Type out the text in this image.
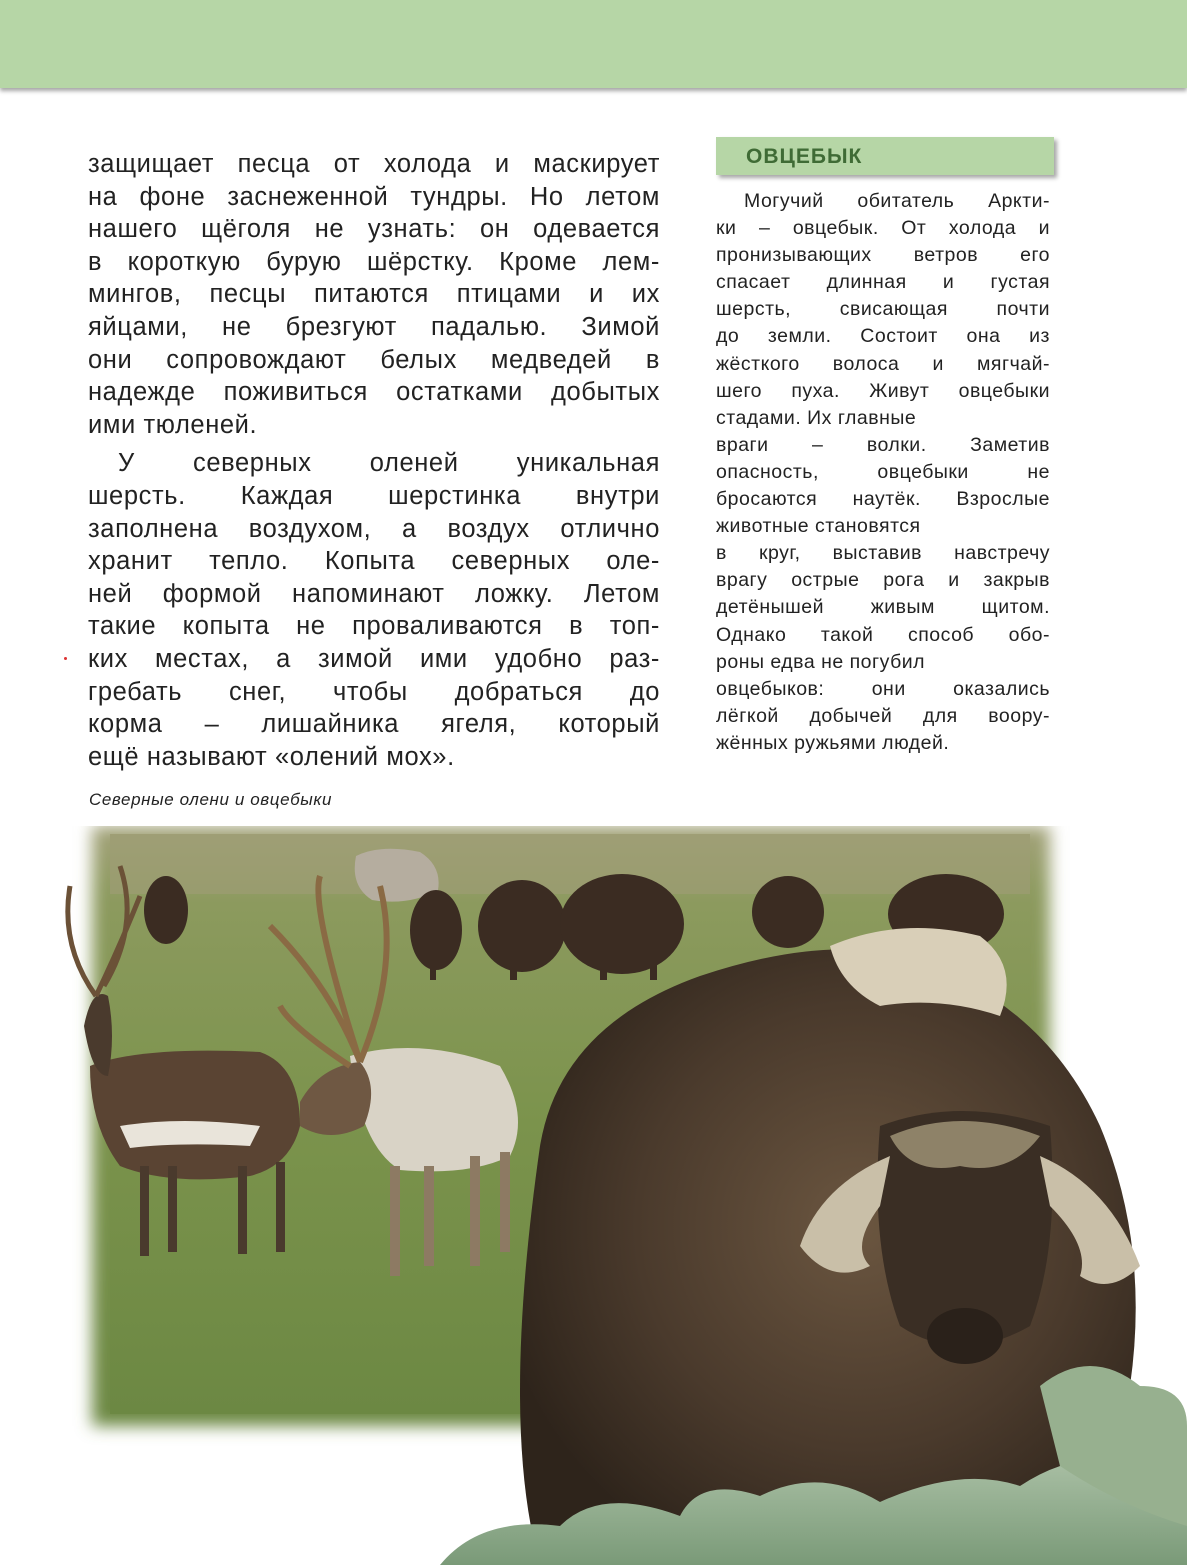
защищает песца от холода и маскирует

на фоне заснеженной тундры. Но летом

нашего щёголя не узнать: он одевается

в короткую бурую шёрстку. Кроме лем-

мингов, песцы питаются птицами и их

яйцами, не брезгуют падалью. Зимой

они сопровождают белых медведей в

надежде поживиться остатками добытых

ими тюленей.

У северных оленей уникальная

шерсть. Каждая шерстинка внутри

заполнена воздухом, а воздух отлично

хранит тепло. Копыта северных оле-

ней формой напоминают ложку. Летом

такие копыта не проваливаются в топ-

ких местах, а зимой ими удобно раз-

гребать снег, чтобы добраться до

корма – лишайника ягеля, который

ещё называют «олений мох».

ОВЦЕБЫК

Могучий обитатель Аркти-

ки – овцебык. От холода и

пронизывающих ветров его

спасает длинная и густая

шерсть, свисающая почти

до земли. Состоит она из

жёсткого волоса и мягчай-

шего пуха. Живут овцебыки

стадами. Их главные

враги – волки. Заметив

опасность, овцебыки не

бросаются наутёк. Взрослые

животные становятся

в круг, выставив навстречу

врагу острые рога и закрыв

детёнышей живым щитом.

Однако такой способ обо-

роны едва не погубил

овцебыков: они оказались

лёгкой добычей для воору-

жённых ружьями людей.

Северные олени и овцебыки
